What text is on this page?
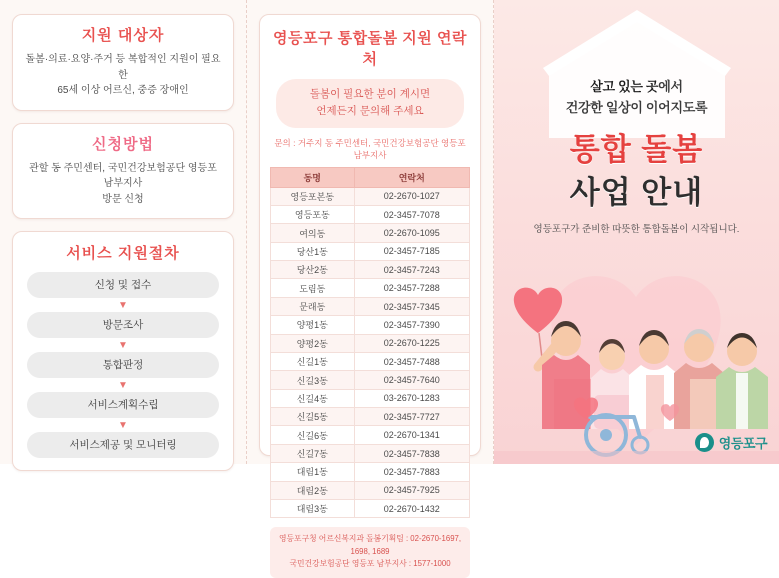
지원 대상자
돌봄·의료·요양·주거 등 복합적인 지원이 필요한
65세 이상 어르신, 중증 장애인
신청방법
관할 동 주민센터, 국민건강보험공단 영등포 남부지사
방문 신청
서비스 지원절차
신청 및 접수
▼
방문조사
▼
통합판정
▼
서비스계획수립
▼
서비스제공 및 모니터링
영등포구 통합돌봄 지원 연락처
돌봄이 필요한 분이 계시면
언제든지 문의해 주세요
문의 : 거주지 동 주민센터, 국민건강보험공단 영등포 남부지사
동명	연락처
영등포본동	02-2670-1027
영등포동	02-3457-7078
여의동	02-2670-1095
당산1동	02-3457-7185
당산2동	02-3457-7243
도림동	02-3457-7288
문래동	02-3457-7345
양평1동	02-3457-7390
양평2동	02-2670-1225
신길1동	02-3457-7488
신길3동	02-3457-7640
신길4동	03-2670-1283
신길5동	02-3457-7727
신길6동	02-2670-1341
신길7동	02-3457-7838
대림1동	02-3457-7883
대림2동	02-3457-7925
대림3동	02-2670-1432
영등포구청 어르신복지과 돌봄기획팀 : 02-2670-1697, 1698, 1689
국민건강보험공단 영등포 남부지사 : 1577-1000
살고 있는 곳에서
건강한 일상이 이어지도록
통합 돌봄
사업 안내
영등포구가 준비한 따뜻한 통합돌봄이 시작됩니다.
영등포구
